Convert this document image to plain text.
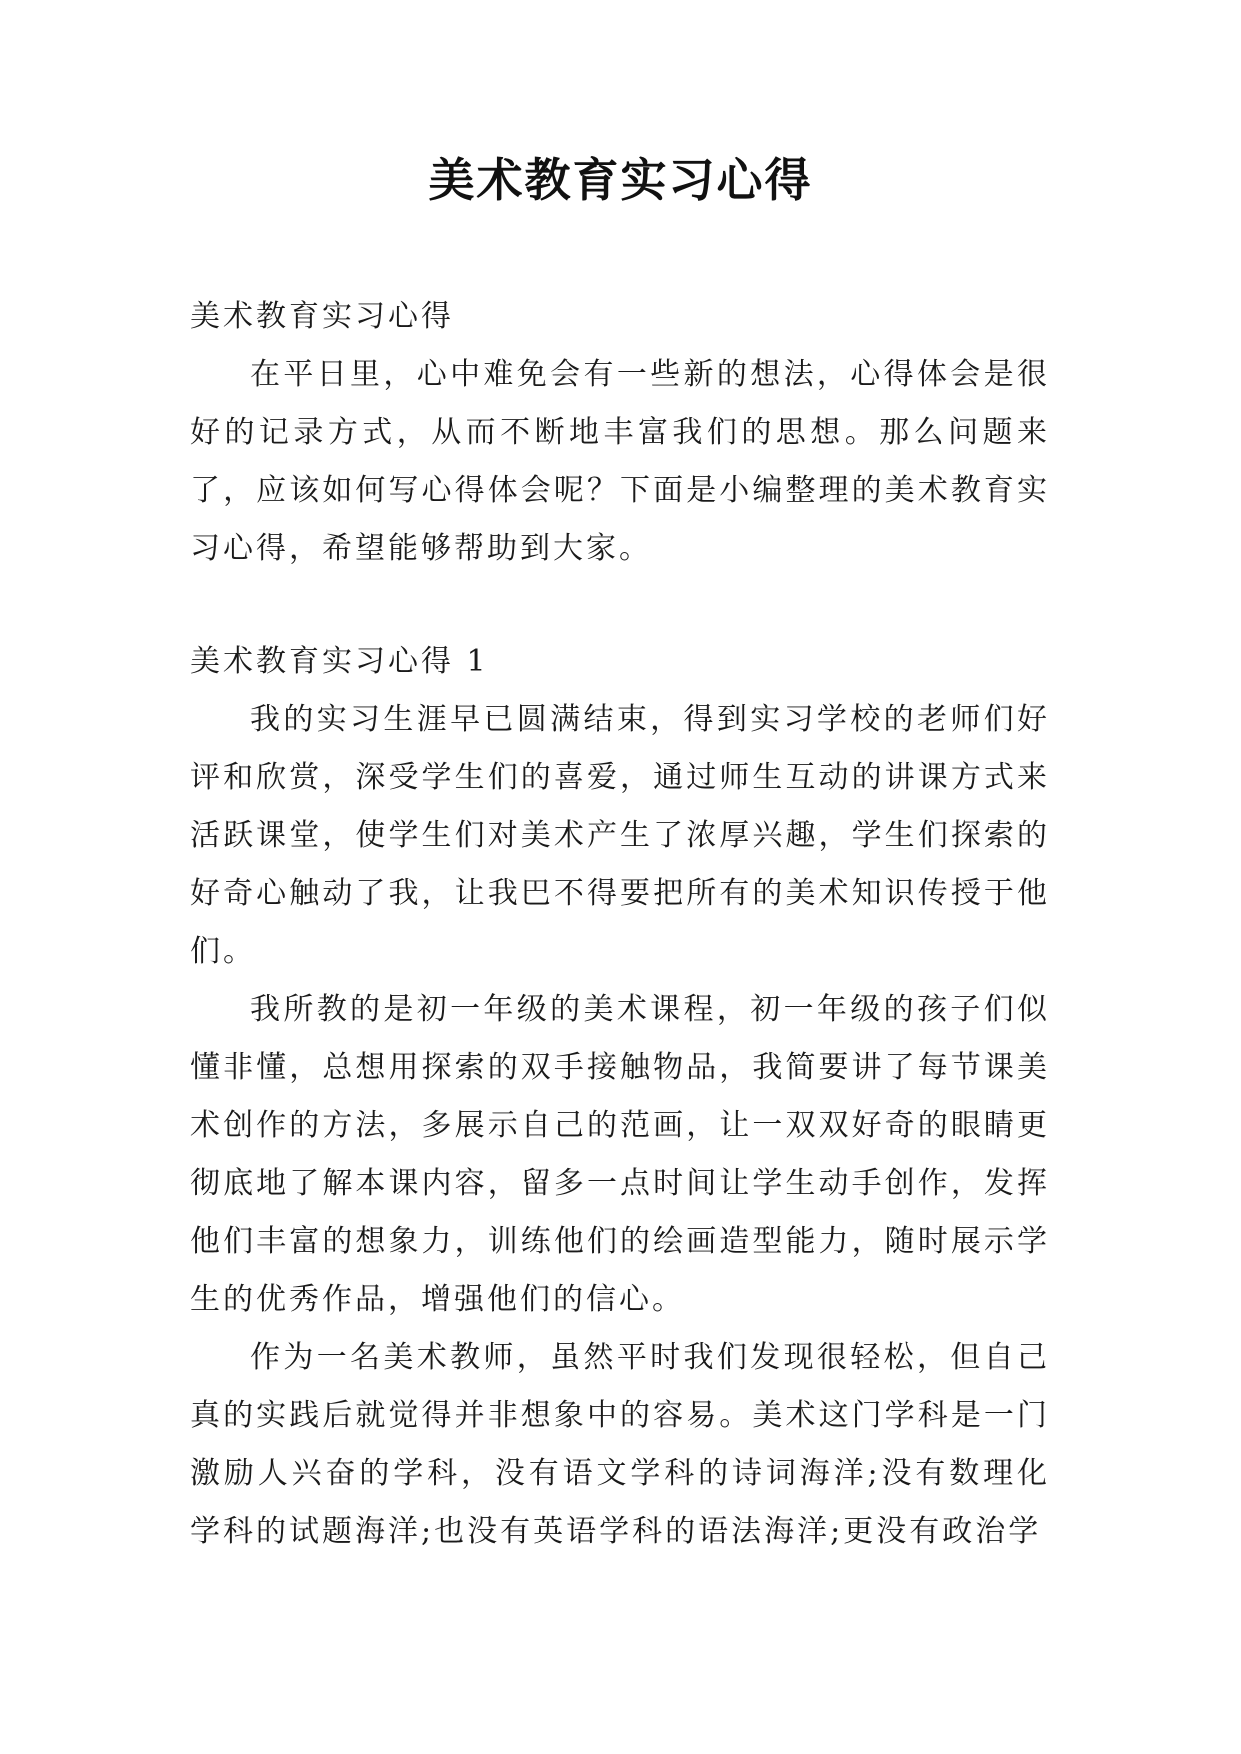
美术教育实习心得

美术教育实习心得

在平日里，心中难免会有一些新的想法，心得体会是很好的记录方式，从而不断地丰富我们的思想。那么问题来了，应该如何写心得体会呢？下面是小编整理的美术教育实习心得，希望能够帮助到大家。

美术教育实习心得 1

我的实习生涯早已圆满结束，得到实习学校的老师们好评和欣赏，深受学生们的喜爱，通过师生互动的讲课方式来活跃课堂，使学生们对美术产生了浓厚兴趣，学生们探索的好奇心触动了我，让我巴不得要把所有的美术知识传授于他们。

我所教的是初一年级的美术课程，初一年级的孩子们似懂非懂，总想用探索的双手接触物品，我简要讲了每节课美术创作的方法，多展示自己的范画，让一双双好奇的眼睛更彻底地了解本课内容，留多一点时间让学生动手创作，发挥他们丰富的想象力，训练他们的绘画造型能力，随时展示学生的优秀作品，增强他们的信心。

作为一名美术教师，虽然平时我们发现很轻松，但自己真的实践后就觉得并非想象中的容易。美术这门学科是一门激励人兴奋的学科，没有语文学科的诗词海洋;没有数理化学科的试题海洋;也没有英语学科的语法海洋;更没有政治学
